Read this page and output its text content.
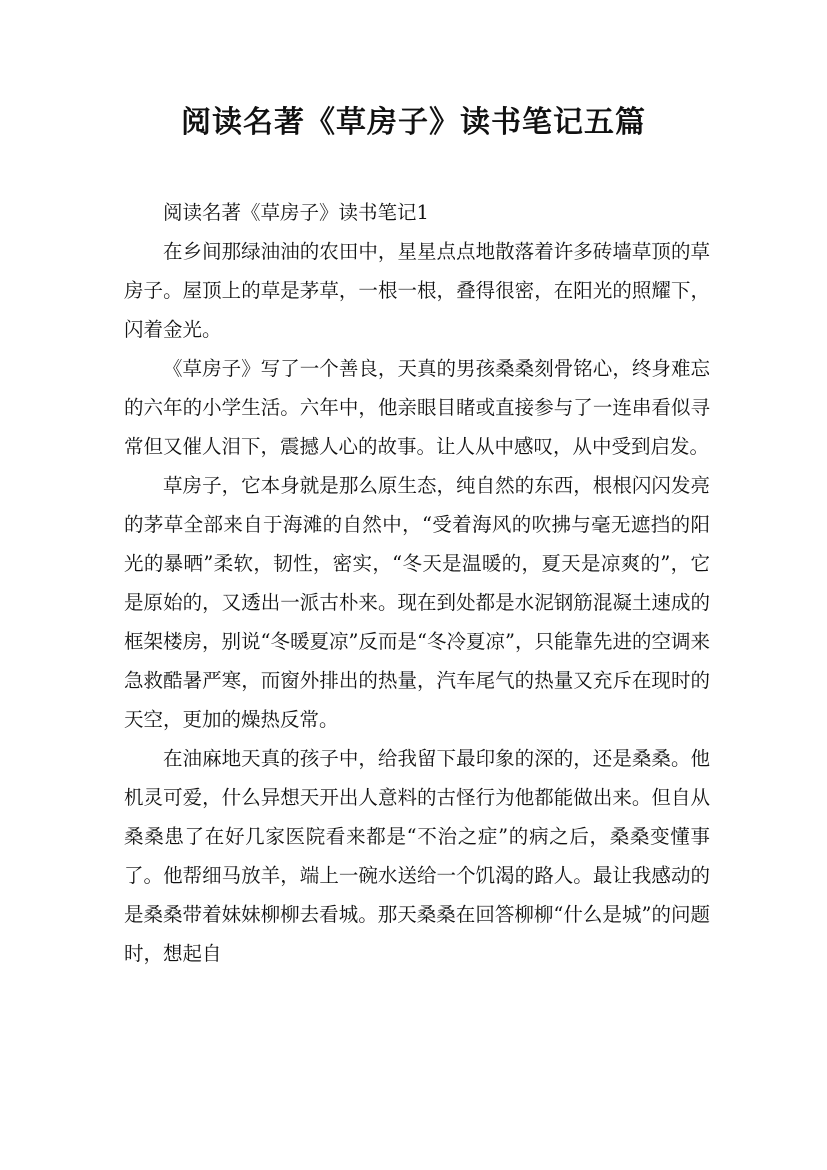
阅读名著《草房子》读书笔记五篇

阅读名著《草房子》读书笔记1

在乡间那绿油油的农田中，星星点点地散落着许多砖墙草顶的草房子。屋顶上的草是茅草，一根一根，叠得很密，在阳光的照耀下，闪着金光。

《草房子》写了一个善良，天真的男孩桑桑刻骨铭心，终身难忘的六年的小学生活。六年中，他亲眼目睹或直接参与了一连串看似寻常但又催人泪下，震撼人心的故事。让人从中感叹，从中受到启发。

草房子，它本身就是那么原生态，纯自然的东西，根根闪闪发亮的茅草全部来自于海滩的自然中，“受着海风的吹拂与毫无遮挡的阳光的暴晒”柔软，韧性，密实，“冬天是温暖的，夏天是凉爽的”，它是原始的，又透出一派古朴来。现在到处都是水泥钢筋混凝土速成的框架楼房，别说“冬暖夏凉”反而是“冬冷夏凉”，只能靠先进的空调来急救酷暑严寒，而窗外排出的热量，汽车尾气的热量又充斥在现时的天空，更加的燥热反常。

在油麻地天真的孩子中，给我留下最印象的深的，还是桑桑。他机灵可爱，什么异想天开出人意料的古怪行为他都能做出来。但自从桑桑患了在好几家医院看来都是“不治之症”的病之后，桑桑变懂事了。他帮细马放羊，端上一碗水送给一个饥渴的路人。最让我感动的是桑桑带着妹妹柳柳去看城。那天桑桑在回答柳柳“什么是城”的问题时，想起自
